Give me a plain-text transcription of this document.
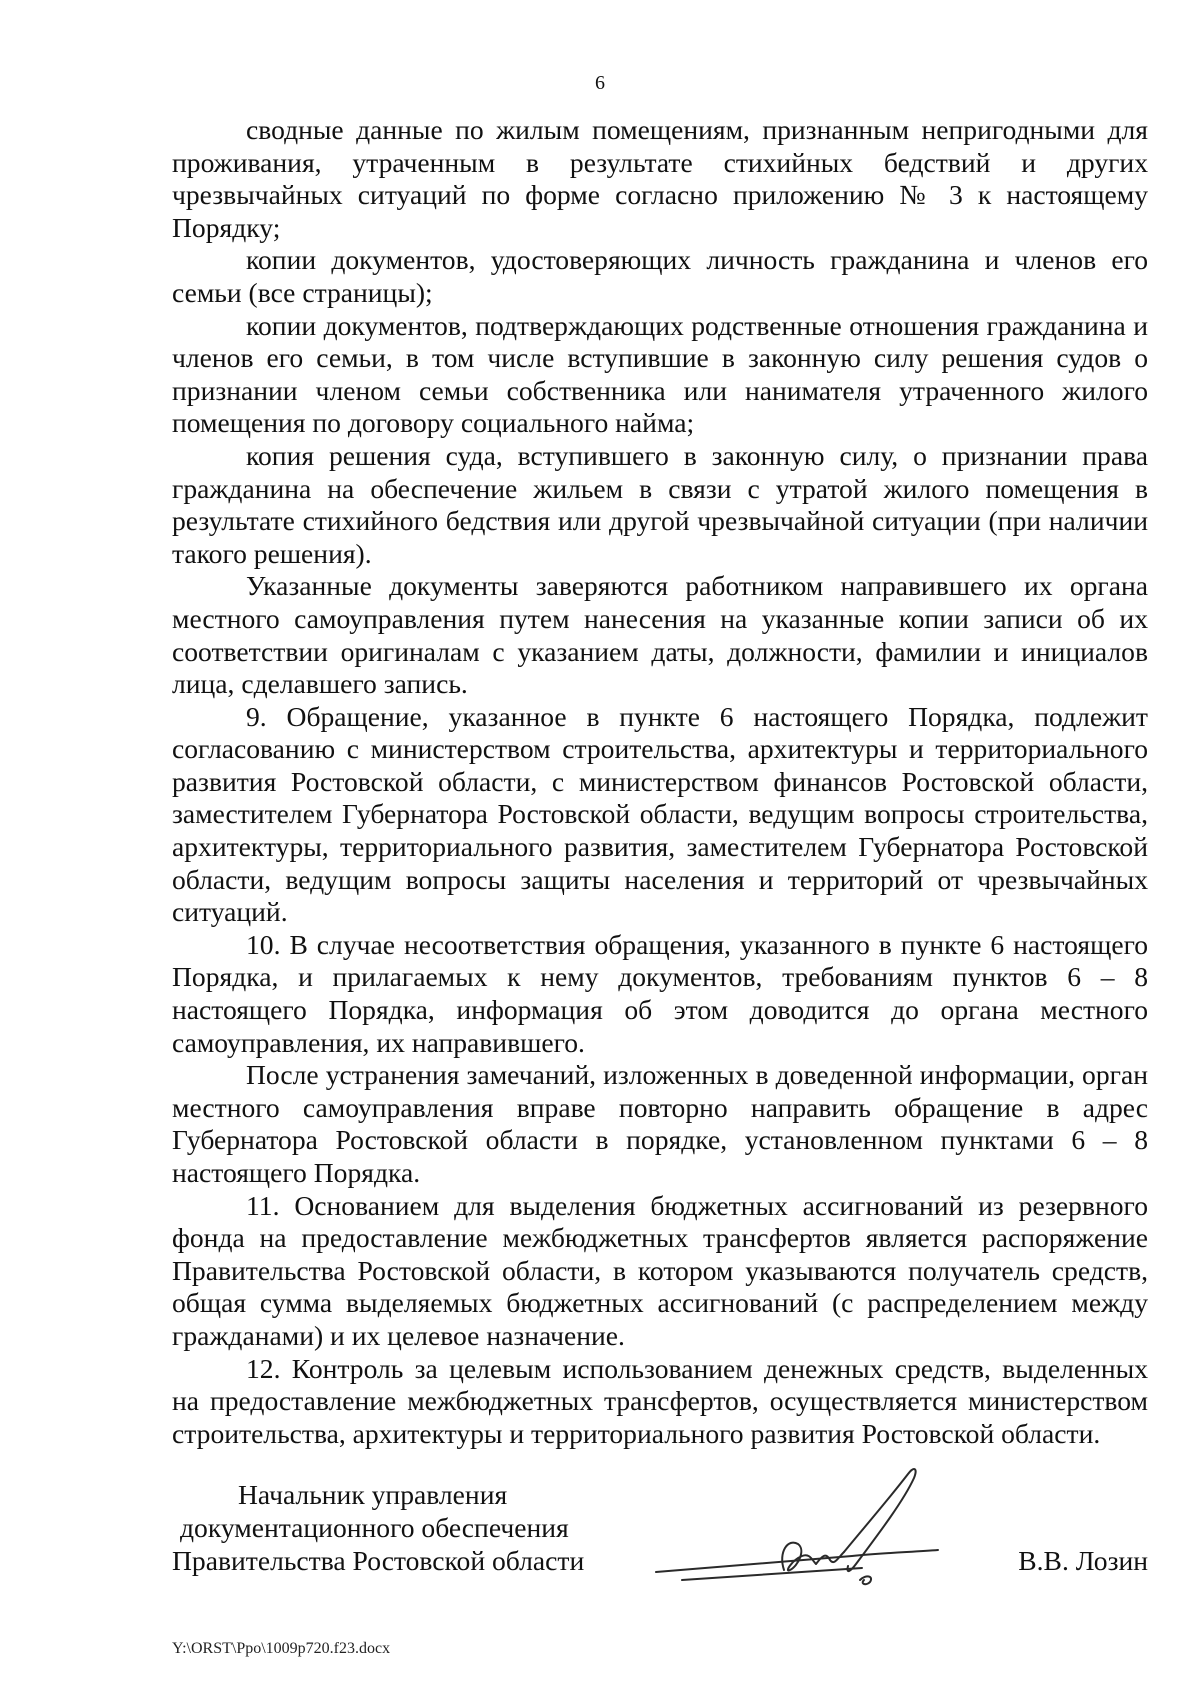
6

сводные данные по жилым помещениям, признанным непригодными для проживания, утраченным в результате стихийных бедствий и других чрезвычайных ситуаций по форме согласно приложению № 3 к настоящему Порядку;

копии документов, удостоверяющих личность гражданина и членов его семьи (все страницы);

копии документов, подтверждающих родственные отношения гражданина и членов его семьи, в том числе вступившие в законную силу решения судов о признании членом семьи собственника или нанимателя утраченного жилого помещения по договору социального найма;

копия решения суда, вступившего в законную силу, о признании права гражданина на обеспечение жильем в связи с утратой жилого помещения в результате стихийного бедствия или другой чрезвычайной ситуации (при наличии такого решения).

Указанные документы заверяются работником направившего их органа местного самоуправления путем нанесения на указанные копии записи об их соответствии оригиналам с указанием даты, должности, фамилии и инициалов лица, сделавшего запись.

9. Обращение, указанное в пункте 6 настоящего Порядка, подлежит согласованию с министерством строительства, архитектуры и территориального развития Ростовской области, с министерством финансов Ростовской области, заместителем Губернатора Ростовской области, ведущим вопросы строительства, архитектуры, территориального развития, заместителем Губернатора Ростовской области, ведущим вопросы защиты населения и территорий от чрезвычайных ситуаций.

10. В случае несоответствия обращения, указанного в пункте 6 настоящего Порядка, и прилагаемых к нему документов, требованиям пунктов 6 – 8 настоящего Порядка, информация об этом доводится до органа местного самоуправления, их направившего.

После устранения замечаний, изложенных в доведенной информации, орган местного самоуправления вправе повторно направить обращение в адрес Губернатора Ростовской области в порядке, установленном пунктами 6 – 8 настоящего Порядка.

11. Основанием для выделения бюджетных ассигнований из резервного фонда на предоставление межбюджетных трансфертов является распоряжение Правительства Ростовской области, в котором указываются получатель средств, общая сумма выделяемых бюджетных ассигнований (с распределением между гражданами) и их целевое назначение.

12. Контроль за целевым использованием денежных средств, выделенных на предоставление межбюджетных трансфертов, осуществляется министерством строительства, архитектуры и территориального развития Ростовской области.

Начальник управления
документационного обеспечения
Правительства Ростовской области	В.В. Лозин
Y:\ORST\Ppo\1009p720.f23.docx
